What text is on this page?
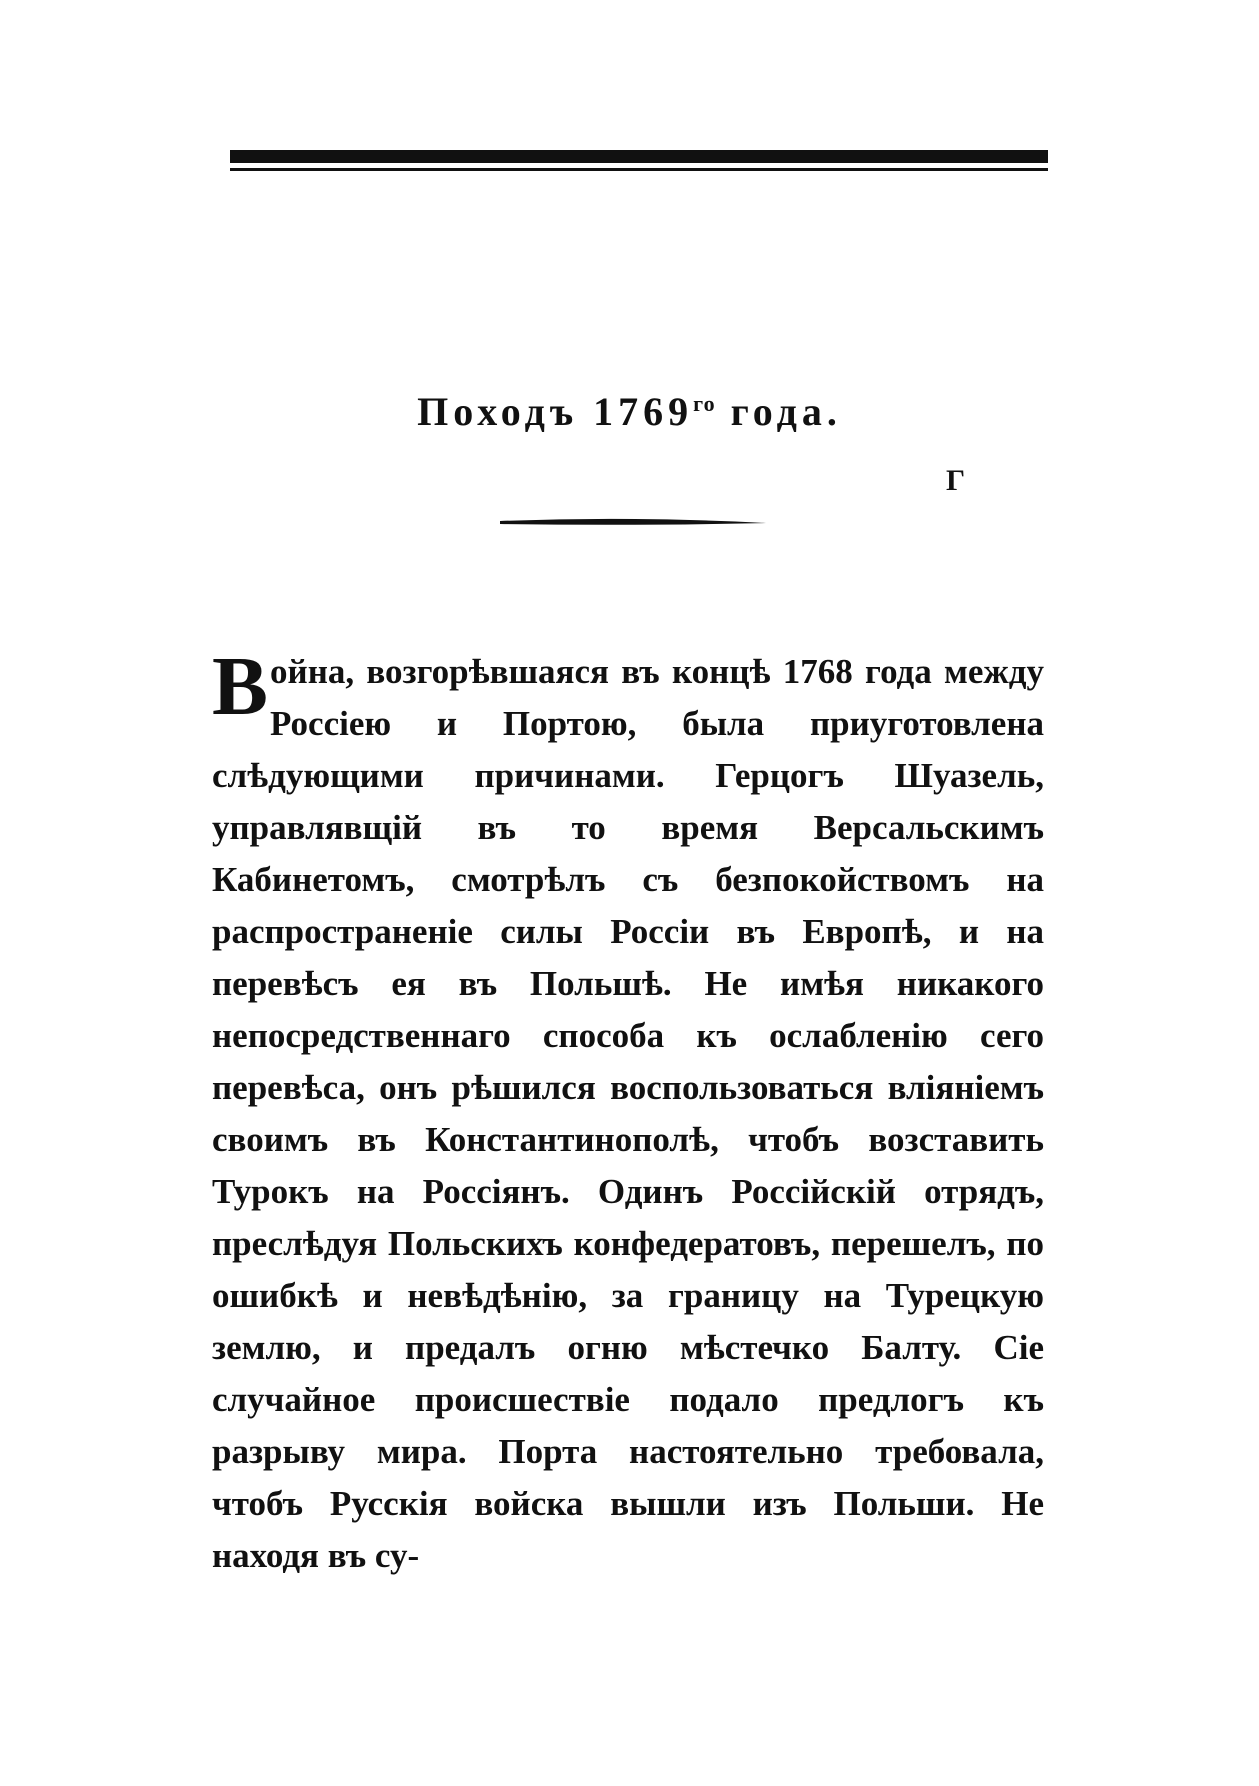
Походъ $1769^{го}$ года.
Г
Война, возгорѣвшаяся въ концѣ 1768 года между Россіею и Портою, была приуготовлена слѣдующими причинами. Герцогъ Шуазель, управлявщій въ то время Версальскимъ Кабинетомъ, смотрѣлъ съ безпокойствомъ на распространеніе силы Россіи въ Европѣ, и на перевѣсъ ея въ Польшѣ. Не имѣя никакого непосредственнаго способа къ ослабленію сего перевѣса, онъ рѣшился воспользоваться вліяніемъ своимъ въ Константинополѣ, чтобъ возставить Турокъ на Россіянъ. Одинъ Россійскій отрядъ, преслѣдуя Польскихъ конфедератовъ, перешелъ, по ошибкѣ и невѣдѣнію, за границу на Турецкую землю, и предалъ огню мѣстечко Балту. Сіе случайное происшествіе подало предлогъ къ разрыву мира. Порта настоятельно требовала, чтобъ Русскія войска вышли изъ Польши. Не находя въ су-
